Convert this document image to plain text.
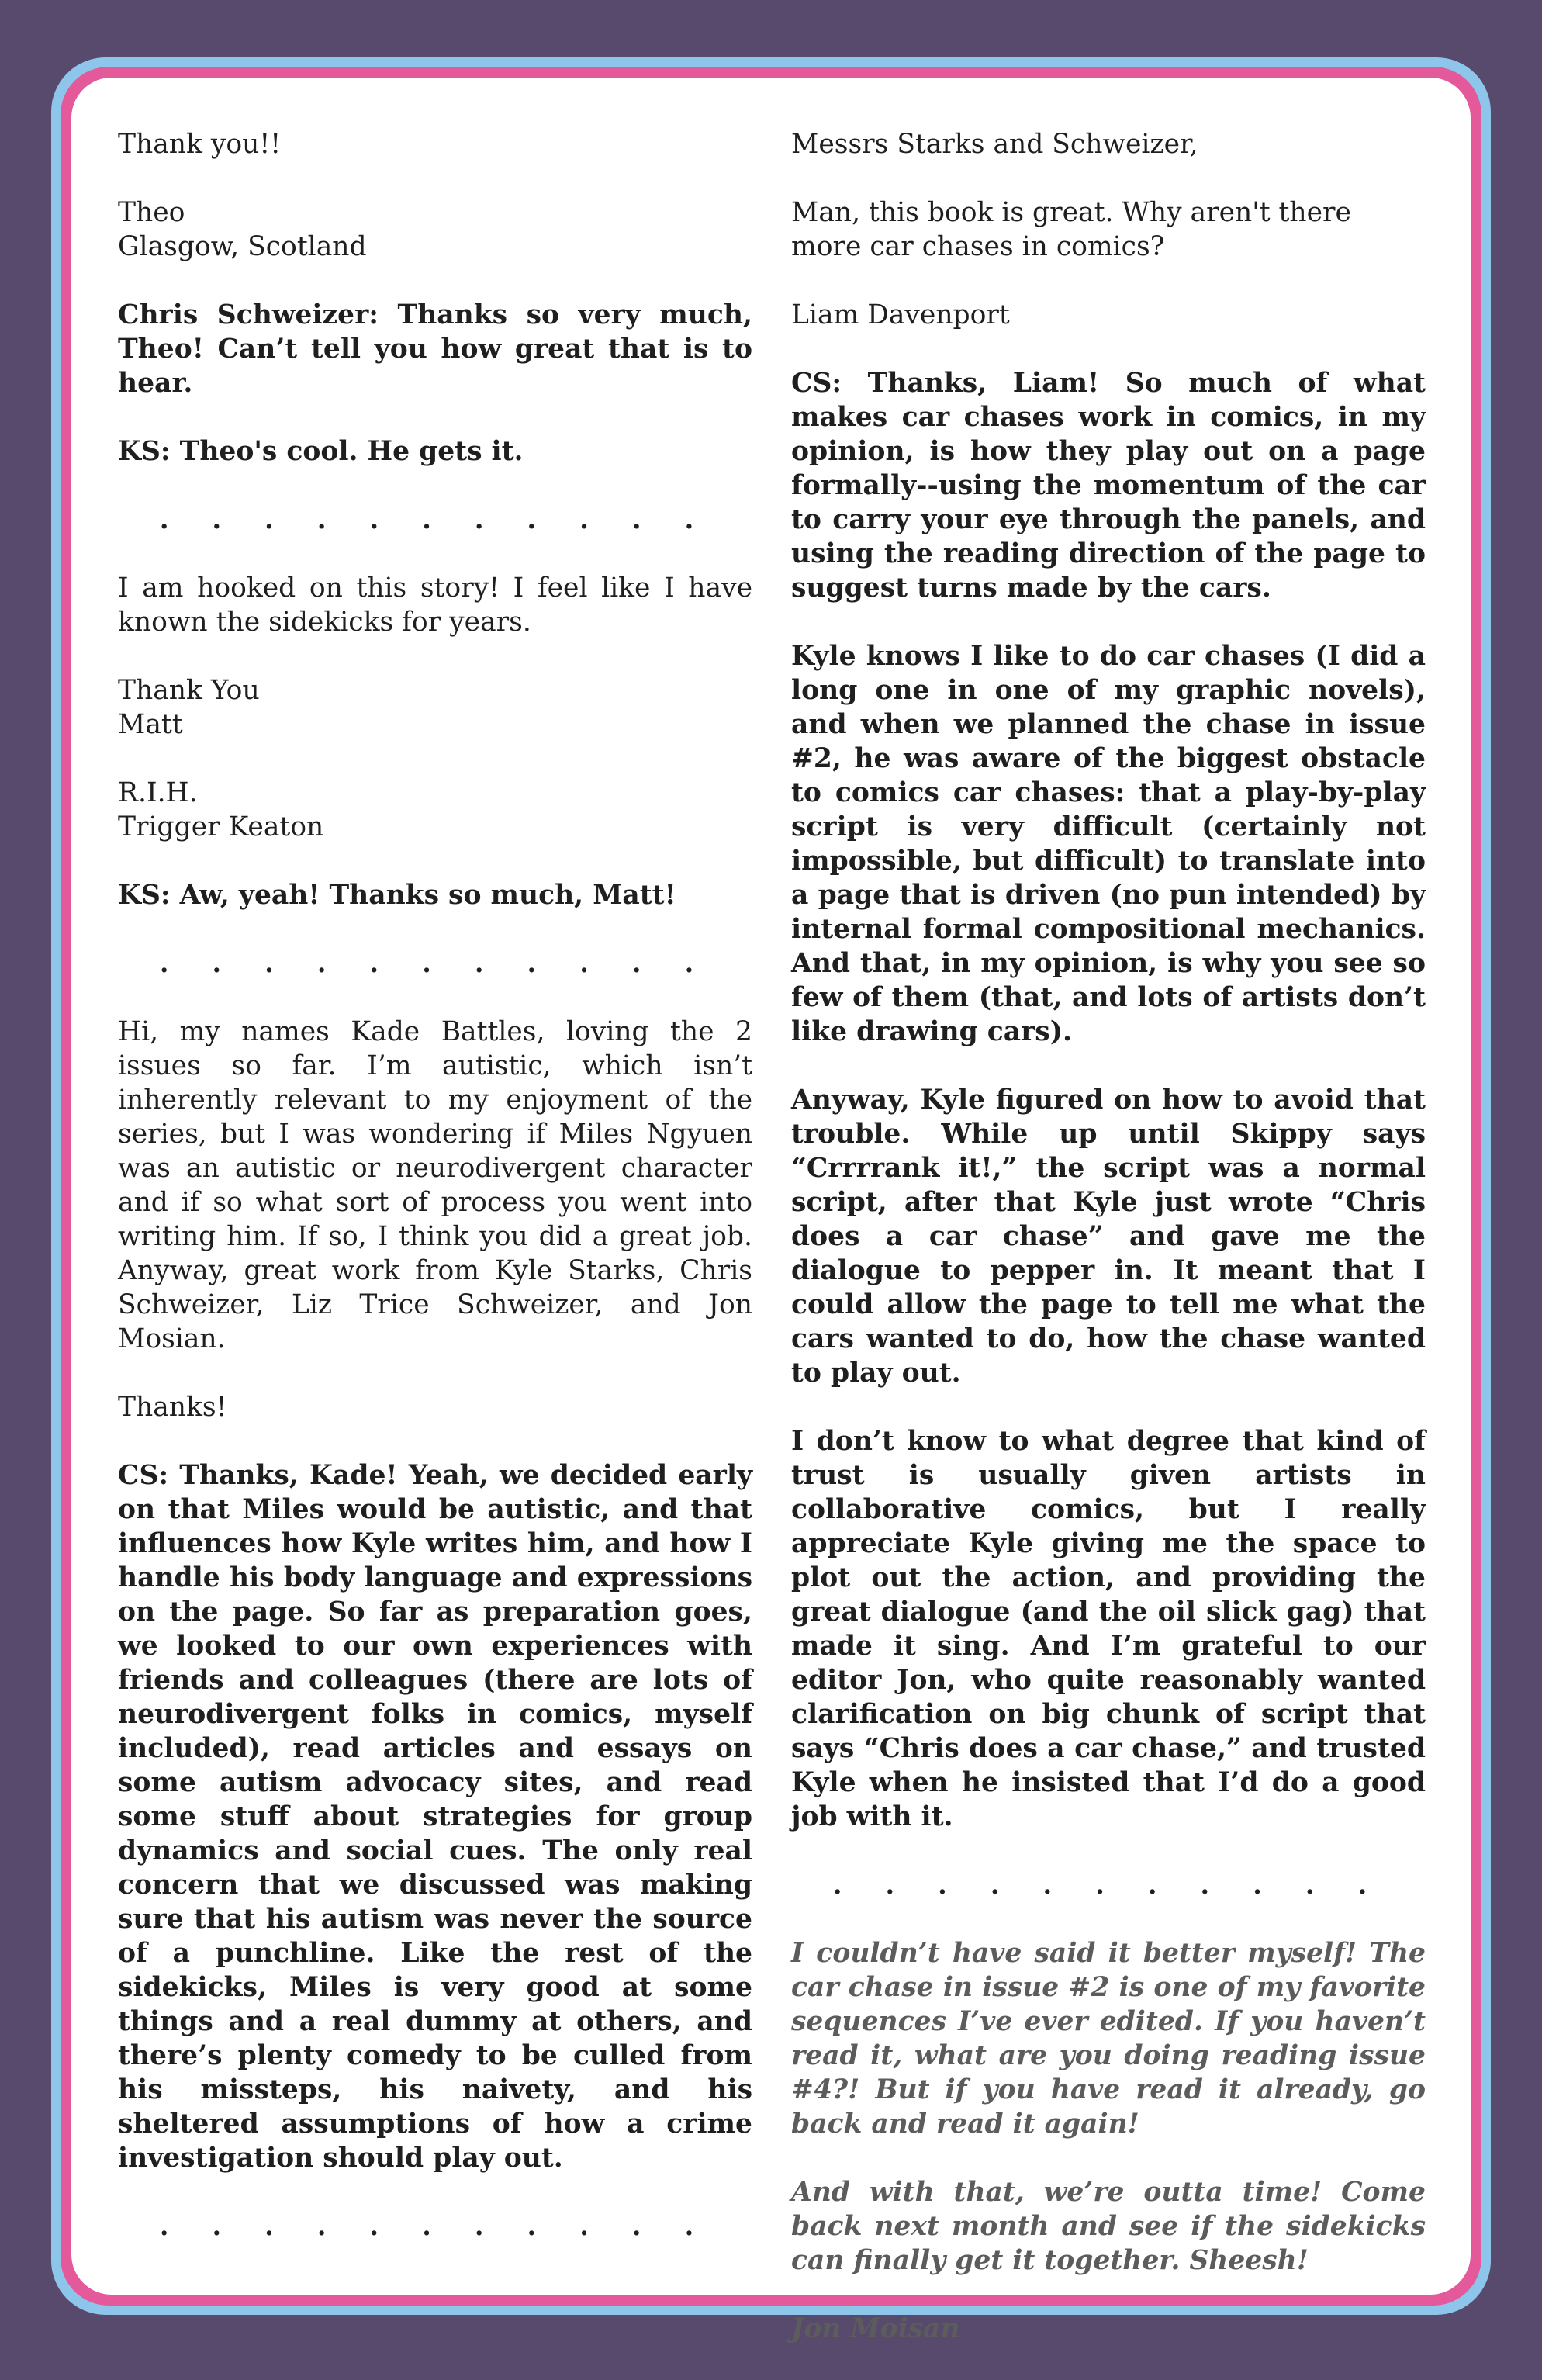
Thank you!!

Theo
Glasgow, Scotland

Chris Schweizer: Thanks so very much, Theo! Can’t tell you how great that is to hear.

KS: Theo's cool. He gets it.

. . . . . . . . . . .

I am hooked on this story! I feel like I have known the sidekicks for years.

Thank You
Matt

R.I.H.
Trigger Keaton

KS: Aw, yeah! Thanks so much, Matt!

. . . . . . . . . . .

Hi, my names Kade Battles, loving the 2 issues so far. I’m autistic, which isn’t inherently relevant to my enjoyment of the series, but I was wondering if Miles Ngyuen was an autistic or neurodivergent character and if so what sort of process you went into writing him. If so, I think you did a great job. Anyway, great work from Kyle Starks, Chris Schweizer, Liz Trice Schweizer, and Jon Mosian.

Thanks!

CS: Thanks, Kade! Yeah, we decided early on that Miles would be autistic, and that influences how Kyle writes him, and how I handle his body language and expressions on the page. So far as preparation goes, we looked to our own experiences with friends and colleagues (there are lots of neurodivergent folks in comics, myself included), read articles and essays on some autism advocacy sites, and read some stuff about strategies for group dynamics and social cues. The only real concern that we discussed was making sure that his autism was never the source of a punchline. Like the rest of the sidekicks, Miles is very good at some things and a real dummy at others, and there’s plenty comedy to be culled from his missteps, his naivety, and his sheltered assumptions of how a crime investigation should play out.

. . . . . . . . . . .

Messrs Starks and Schweizer,

Man, this book is great. Why aren't there more car chases in comics?

Liam Davenport

CS: Thanks, Liam! So much of what makes car chases work in comics, in my opinion, is how they play out on a page formally--using the momentum of the car to carry your eye through the panels, and using the reading direction of the page to suggest turns made by the cars.

Kyle knows I like to do car chases (I did a long one in one of my graphic novels), and when we planned the chase in issue #2, he was aware of the biggest obstacle to comics car chases: that a play-by-play script is very difficult (certainly not impossible, but difficult) to translate into a page that is driven (no pun intended) by internal formal compositional mechanics. And that, in my opinion, is why you see so few of them (that, and lots of artists don’t like drawing cars).

Anyway, Kyle figured on how to avoid that trouble. While up until Skippy says “Crrrrank it!,” the script was a normal script, after that Kyle just wrote “Chris does a car chase” and gave me the dialogue to pepper in. It meant that I could allow the page to tell me what the cars wanted to do, how the chase wanted to play out.

I don’t know to what degree that kind of trust is usually given artists in collaborative comics, but I really appreciate Kyle giving me the space to plot out the action, and providing the great dialogue (and the oil slick gag) that made it sing. And I’m grateful to our editor Jon, who quite reasonably wanted clarification on big chunk of script that says “Chris does a car chase,” and trusted Kyle when he insisted that I’d do a good job with it.

. . . . . . . . . . .

I couldn’t have said it better myself! The car chase in issue #2 is one of my favorite sequences I’ve ever edited. If you haven’t read it, what are you doing reading issue #4?! But if you have read it already, go back and read it again!

And with that, we’re outta time! Come back next month and see if the sidekicks can finally get it together. Sheesh!

Jon Moisan
